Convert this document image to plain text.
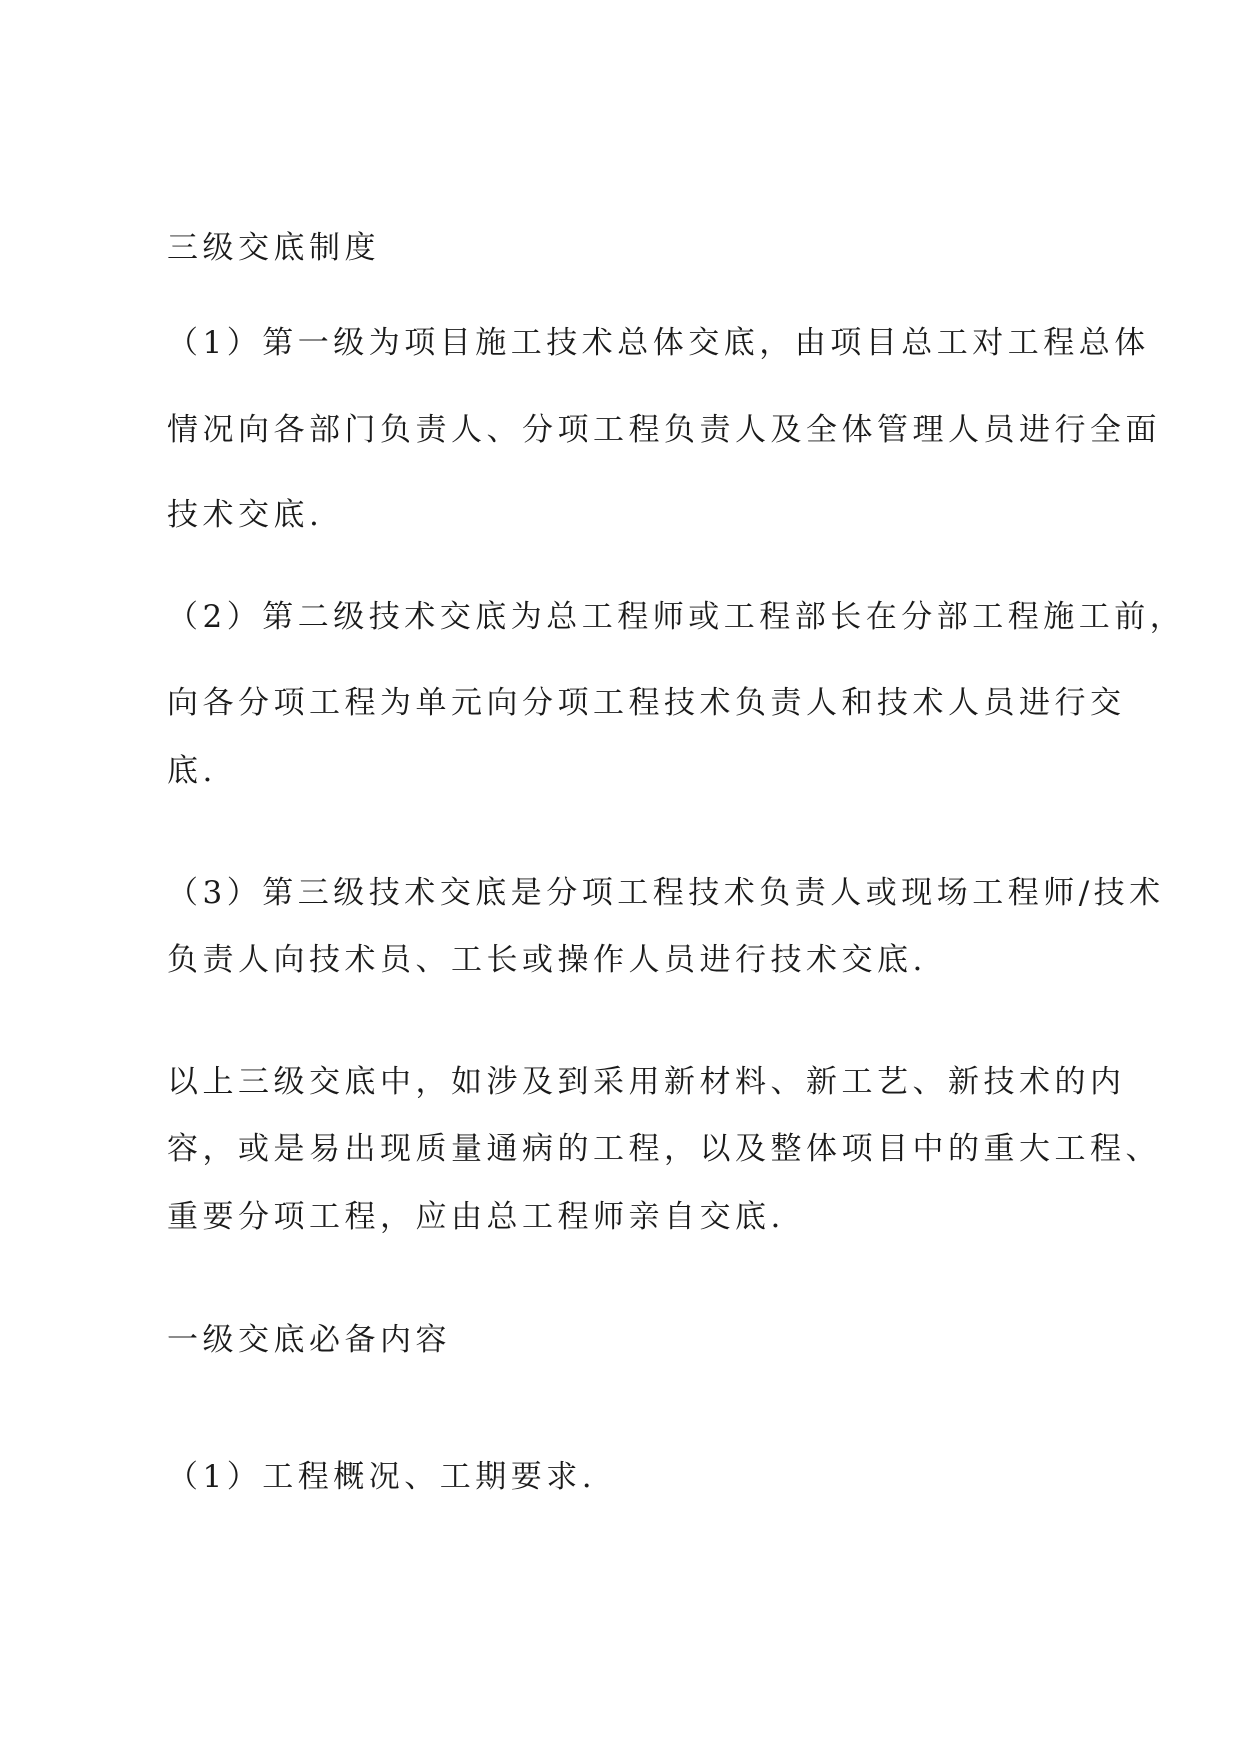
三级交底制度
（1）第一级为项目施工技术总体交底，由项目总工对工程总体
情况向各部门负责人、分项工程负责人及全体管理人员进行全面
技术交底.
（2）第二级技术交底为总工程师或工程部长在分部工程施工前，
向各分项工程为单元向分项工程技术负责人和技术人员进行交
底.
（3）第三级技术交底是分项工程技术负责人或现场工程师/技术
负责人向技术员、工长或操作人员进行技术交底.
以上三级交底中，如涉及到采用新材料、新工艺、新技术的内
容，或是易出现质量通病的工程，以及整体项目中的重大工程、
重要分项工程，应由总工程师亲自交底.
一级交底必备内容
（1）工程概况、工期要求.
